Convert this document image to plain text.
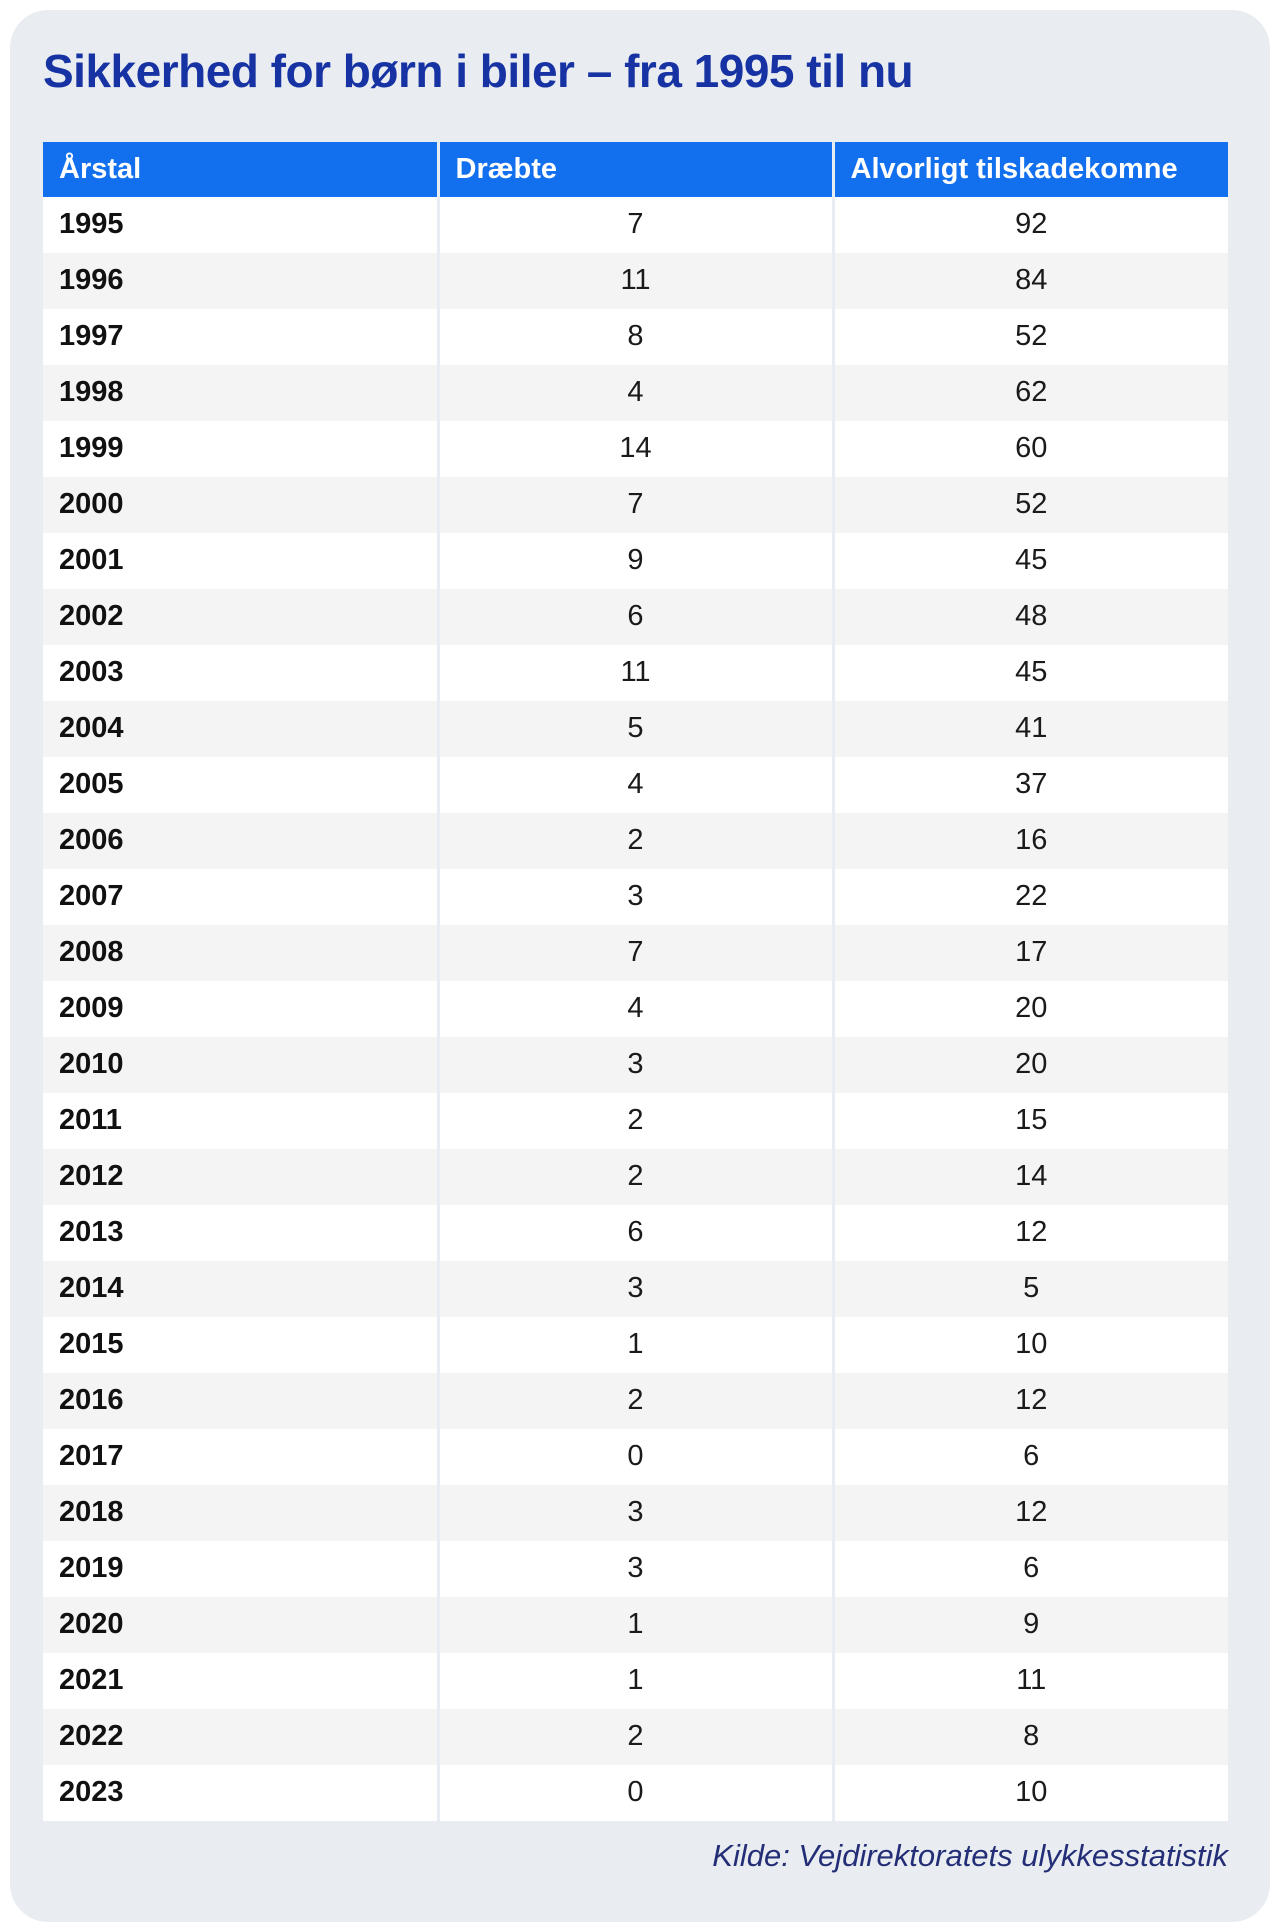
Sikkerhed for børn i biler – fra 1995 til nu
Årstal	Dræbte	Alvorligt tilskadekomne
1995	7	92
1996	11	84
1997	8	52
1998	4	62
1999	14	60
2000	7	52
2001	9	45
2002	6	48
2003	11	45
2004	5	41
2005	4	37
2006	2	16
2007	3	22
2008	7	17
2009	4	20
2010	3	20
2011	2	15
2012	2	14
2013	6	12
2014	3	5
2015	1	10
2016	2	12
2017	0	6
2018	3	12
2019	3	6
2020	1	9
2021	1	11
2022	2	8
2023	0	10
Kilde: Vejdirektoratets ulykkesstatistik
